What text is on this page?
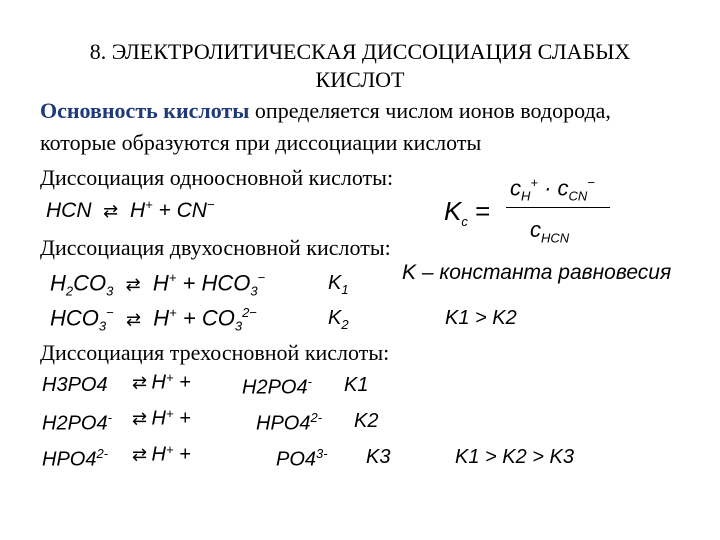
8. ЭЛЕКТРОЛИТИЧЕСКАЯ ДИССОЦИАЦИЯ СЛАБЫХ
КИСЛОТ
Основность кислоты определяется числом ионов водорода,
которые образуются при диссоциации кислоты
Диссоциация одноосновной кислоты:
HCN ⇄ H+ + CN−	$K_c$ =
$c_H^+ \cdot c_{CN}^-$
$c_{HCN}$
Диссоциация двухосновной кислоты:
K – константа равновесия
$H_2CO_3$ ⇄ $H^+ + HCO_3^-$	$K_1$
$HCO_3^-$ ⇄ $H^+ + CO_3^{2-}$	$K_2$	K1 > K2
Диссоциация трехосновной кислоты:
H3PO4 ⇄ H+ +	H2PO4- K1
H2PO4- ⇄ H+ +	$HPO4^{2-}$ K2
$HPO4^{2-}$ ⇄ H+ +	$PO4^{3-}$ K3	K1 > K2 > K3
